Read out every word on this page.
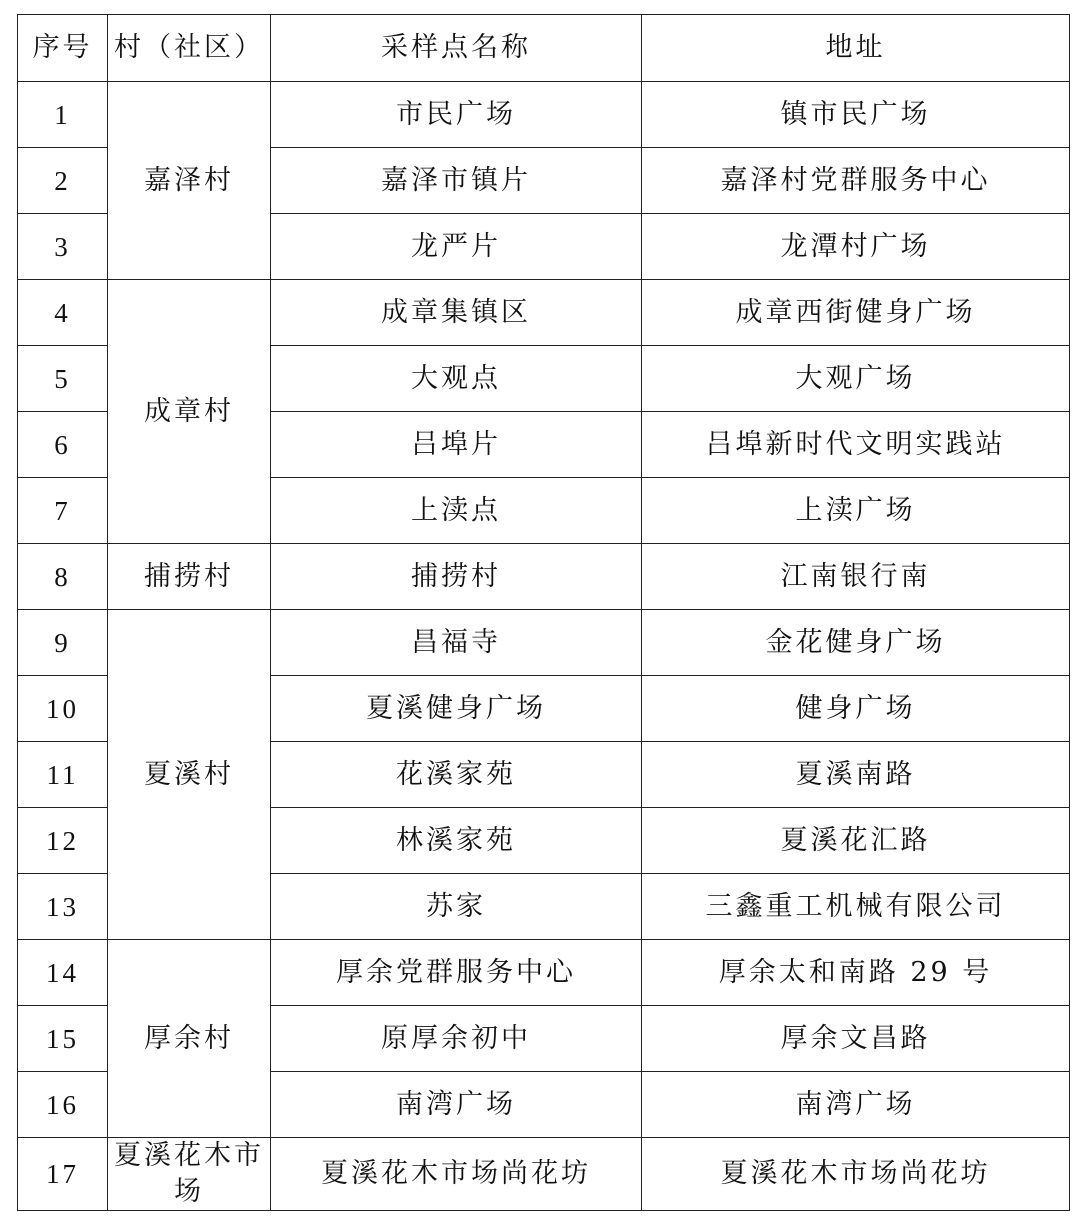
序号	村（社区）	采样点名称	地址
1	嘉泽村	市民广场	镇市民广场
2		嘉泽市镇片	嘉泽村党群服务中心
3		龙严片	龙潭村广场
4	成章村	成章集镇区	成章西街健身广场
5		大观点	大观广场
6		吕埠片	吕埠新时代文明实践站
7		上渎点	上渎广场
8	捕捞村	捕捞村	江南银行南
9	夏溪村	昌福寺	金花健身广场
10		夏溪健身广场	健身广场
11		花溪家苑	夏溪南路
12		林溪家苑	夏溪花汇路
13		苏家	三鑫重工机械有限公司
14	厚余村	厚余党群服务中心	厚余太和南路 29 号
15		原厚余初中	厚余文昌路
16		南湾广场	南湾广场
17	夏溪花木市场	夏溪花木市场尚花坊	夏溪花木市场尚花坊
